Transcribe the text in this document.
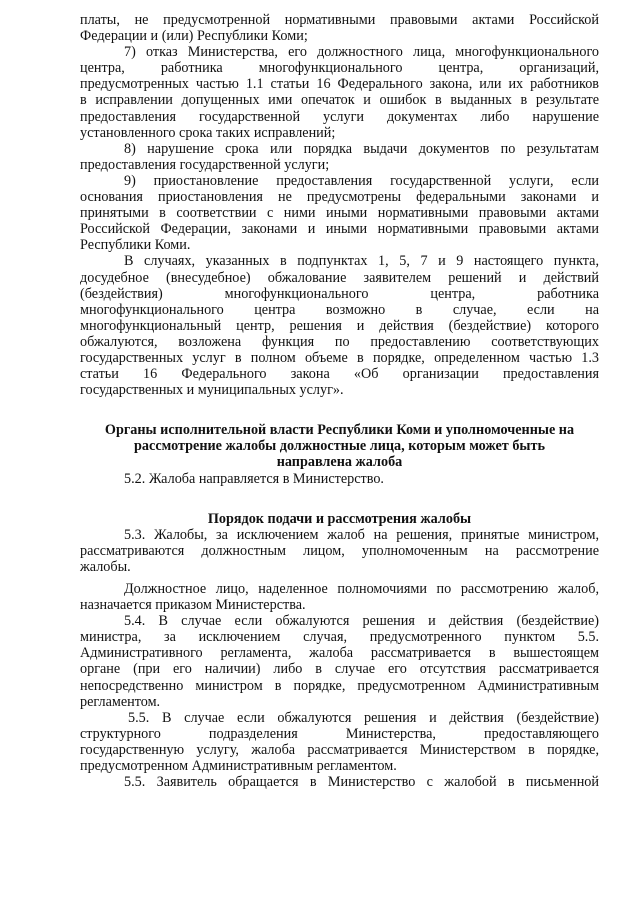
платы, не предусмотренной нормативными правовыми актами Российской
Федерации и (или) Республики Коми;
7) отказ Министерства, его должностного лица, многофункционального
центра, работника многофункционального центра, организаций,
предусмотренных частью 1.1 статьи 16 Федерального закона, или их работников
в исправлении допущенных ими опечаток и ошибок в выданных в результате
предоставления государственной услуги документах либо нарушение
установленного срока таких исправлений;
8) нарушение срока или порядка выдачи документов по результатам
предоставления государственной услуги;
9) приостановление предоставления государственной услуги, если
основания приостановления не предусмотрены федеральными законами и
принятыми в соответствии с ними иными нормативными правовыми актами
Российской Федерации, законами и иными нормативными правовыми актами
Республики Коми.
В случаях, указанных в подпунктах 1, 5, 7 и 9 настоящего пункта,
досудебное (внесудебное) обжалование заявителем решений и действий
(бездействия) многофункционального центра, работника
многофункционального центра возможно в случае, если на
многофункциональный центр, решения и действия (бездействие) которого
обжалуются, возложена функция по предоставлению соответствующих
государственных услуг в полном объеме в порядке, определенном частью 1.3
статьи 16 Федерального закона «Об организации предоставления
государственных и муниципальных услуг».
Органы исполнительной власти Республики Коми и уполномоченные на
рассмотрение жалобы должностные лица, которым может быть
направлена жалоба
5.2. Жалоба направляется в Министерство.
Порядок подачи и рассмотрения жалобы
5.3. Жалобы, за исключением жалоб на решения, принятые министром,
рассматриваются должностным лицом, уполномоченным на рассмотрение
жалобы.
Должностное лицо, наделенное полномочиями по рассмотрению жалоб,
назначается приказом Министерства.
5.4. В случае если обжалуются решения и действия (бездействие)
министра, за исключением случая, предусмотренного пунктом 5.5.
Административного регламента, жалоба рассматривается в вышестоящем
органе (при его наличии) либо в случае его отсутствия рассматривается
непосредственно министром в порядке, предусмотренном Административным
регламентом.
5.5. В случае если обжалуются решения и действия (бездействие)
структурного подразделения Министерства, предоставляющего
государственную услугу, жалоба рассматривается Министерством в порядке,
предусмотренном Административным регламентом.
5.5. Заявитель обращается в Министерство с жалобой в письменной
